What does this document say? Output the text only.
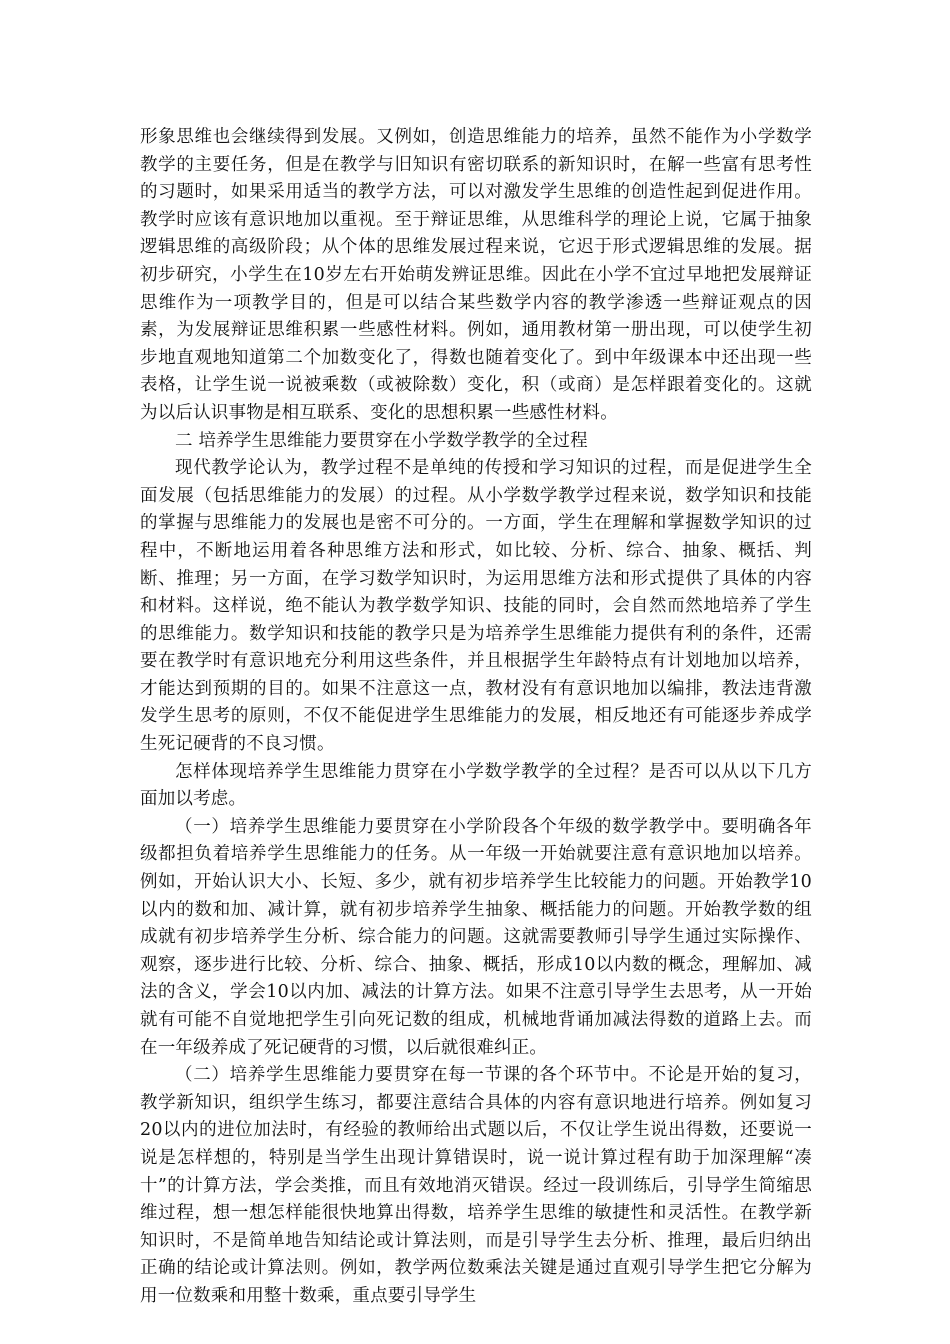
形象思维也会继续得到发展。又例如，创造思维能力的培养，虽然不能作为小学数学教学的主要任务，但是在教学与旧知识有密切联系的新知识时，在解一些富有思考性的习题时，如果采用适当的教学方法，可以对激发学生思维的创造性起到促进作用。教学时应该有意识地加以重视。至于辩证思维，从思维科学的理论上说，它属于抽象逻辑思维的高级阶段；从个体的思维发展过程来说，它迟于形式逻辑思维的发展。据初步研究，小学生在10岁左右开始萌发辨证思维。因此在小学不宜过早地把发展辩证思维作为一项教学目的，但是可以结合某些数学内容的教学渗透一些辩证观点的因素，为发展辩证思维积累一些感性材料。例如，通用教材第一册出现，可以使学生初步地直观地知道第二个加数变化了，得数也随着变化了。到中年级课本中还出现一些表格，让学生说一说被乘数（或被除数）变化，积（或商）是怎样跟着变化的。这就为以后认识事物是相互联系、变化的思想积累一些感性材料。

二 培养学生思维能力要贯穿在小学数学教学的全过程

现代教学论认为，教学过程不是单纯的传授和学习知识的过程，而是促进学生全面发展（包括思维能力的发展）的过程。从小学数学教学过程来说，数学知识和技能的掌握与思维能力的发展也是密不可分的。一方面，学生在理解和掌握数学知识的过程中，不断地运用着各种思维方法和形式，如比较、分析、综合、抽象、概括、判断、推理；另一方面，在学习数学知识时，为运用思维方法和形式提供了具体的内容和材料。这样说，绝不能认为教学数学知识、技能的同时，会自然而然地培养了学生的思维能力。数学知识和技能的教学只是为培养学生思维能力提供有利的条件，还需要在教学时有意识地充分利用这些条件，并且根据学生年龄特点有计划地加以培养，才能达到预期的目的。如果不注意这一点，教材没有有意识地加以编排，教法违背激发学生思考的原则，不仅不能促进学生思维能力的发展，相反地还有可能逐步养成学生死记硬背的不良习惯。

怎样体现培养学生思维能力贯穿在小学数学教学的全过程？是否可以从以下几方面加以考虑。

（一）培养学生思维能力要贯穿在小学阶段各个年级的数学教学中。要明确各年级都担负着培养学生思维能力的任务。从一年级一开始就要注意有意识地加以培养。例如，开始认识大小、长短、多少，就有初步培养学生比较能力的问题。开始教学10以内的数和加、减计算，就有初步培养学生抽象、概括能力的问题。开始教学数的组成就有初步培养学生分析、综合能力的问题。这就需要教师引导学生通过实际操作、观察，逐步进行比较、分析、综合、抽象、概括，形成10以内数的概念，理解加、减法的含义，学会10以内加、减法的计算方法。如果不注意引导学生去思考，从一开始就有可能不自觉地把学生引向死记数的组成，机械地背诵加减法得数的道路上去。而在一年级养成了死记硬背的习惯，以后就很难纠正。

（二）培养学生思维能力要贯穿在每一节课的各个环节中。不论是开始的复习，教学新知识，组织学生练习，都要注意结合具体的内容有意识地进行培养。例如复习20以内的进位加法时，有经验的教师给出式题以后，不仅让学生说出得数，还要说一说是怎样想的，特别是当学生出现计算错误时，说一说计算过程有助于加深理解“凑十”的计算方法，学会类推，而且有效地消灭错误。经过一段训练后，引导学生简缩思维过程，想一想怎样能很快地算出得数，培养学生思维的敏捷性和灵活性。在教学新知识时，不是简单地告知结论或计算法则，而是引导学生去分析、推理，最后归纳出正确的结论或计算法则。例如，教学两位数乘法关键是通过直观引导学生把它分解为用一位数乘和用整十数乘，重点要引导学生
